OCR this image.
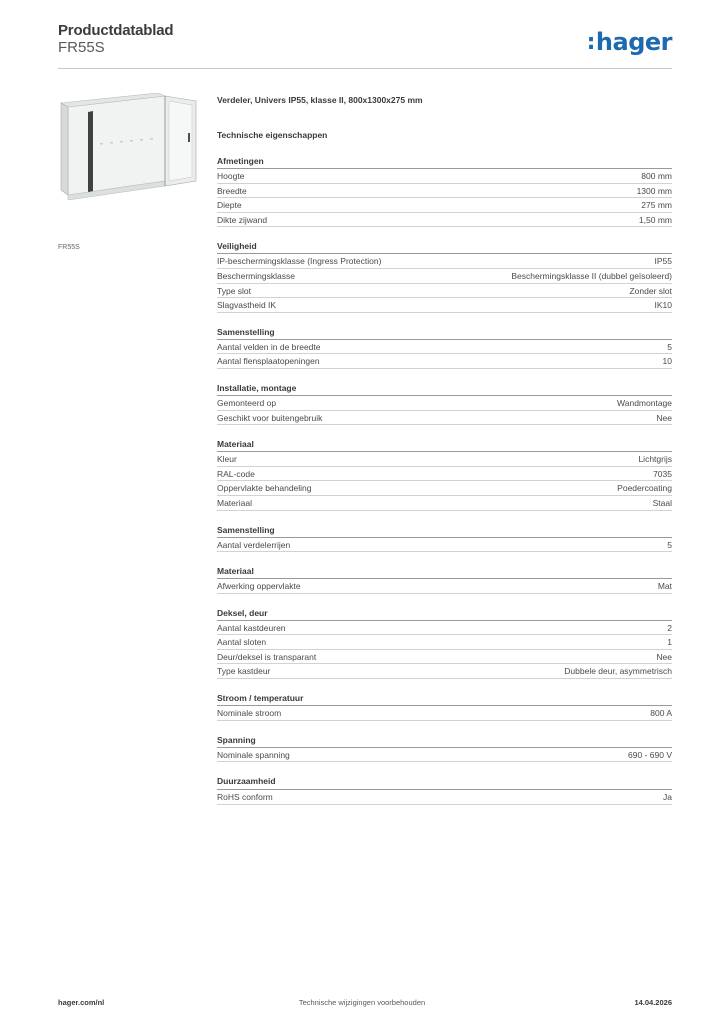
Productdatablad
FR55S	:hager
FR55S
Verdeler, Univers IP55, klasse II, 800x1300x275 mm
Technische eigenschappen
Afmetingen
Hoogte	800 mm
Breedte	1300 mm
Diepte	275 mm
Dikte zijwand	1,50 mm
Veiligheid
IP-beschermingsklasse (Ingress Protection)	IP55
Beschermingsklasse	Beschermingsklasse II (dubbel geïsoleerd)
Type slot	Zonder slot
Slagvastheid IK	IK10
Samenstelling
Aantal velden in de breedte	5
Aantal flensplaatopeningen	10
Installatie, montage
Gemonteerd op	Wandmontage
Geschikt voor buitengebruik	Nee
Materiaal
Kleur	Lichtgrijs
RAL-code	7035
Oppervlakte behandeling	Poedercoating
Materiaal	Staal
Samenstelling
Aantal verdelerrijen	5
Materiaal
Afwerking oppervlakte	Mat
Deksel, deur
Aantal kastdeuren	2
Aantal sloten	1
Deur/deksel is transparant	Nee
Type kastdeur	Dubbele deur, asymmetrisch
Stroom / temperatuur
Nominale stroom	800 A
Spanning
Nominale spanning	690 - 690 V
Duurzaamheid
RoHS conform	Ja
hager.com/nl	Technische wijzigingen voorbehouden	14.04.2026
